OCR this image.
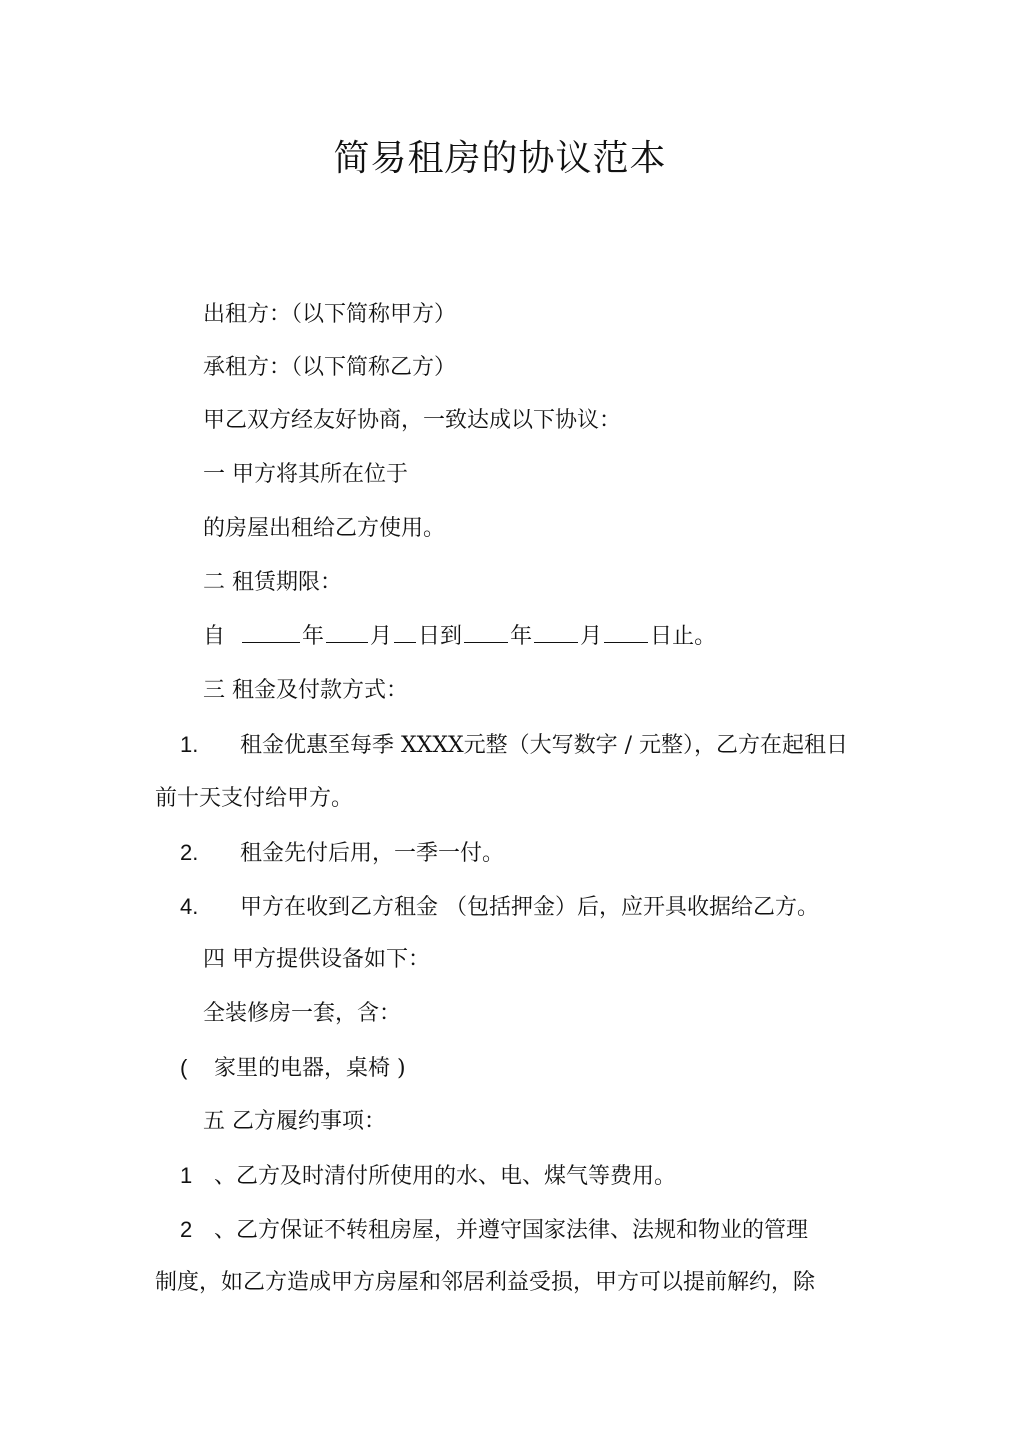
简易租房的协议范本

出租方：（以下简称甲方）

承租方：（以下简称乙方）

甲乙双方经友好协商，一致达成以下协议：

一 甲方将其所在位于

的房屋出租给乙方使用。

二 租赁期限：

自	年 月 日到 年 月 日止。

三 租金及付款方式：

1. 租金优惠至每季 XXXX元整（大写数字 / 元整），乙方在起租日

前十天支付给甲方。

2. 租金先付后用，一季一付。

4. 甲方在收到乙方租金 （包括押金）后，应开具收据给乙方。

四 甲方提供设备如下：

全装修房一套，含：

( 家里的电器，桌椅 )

五 乙方履约事项：

1 、乙方及时清付所使用的水、电、煤气等费用。

2 、乙方保证不转租房屋，并遵守国家法律、法规和物业的管理

制度，如乙方造成甲方房屋和邻居利益受损，甲方可以提前解约，除
